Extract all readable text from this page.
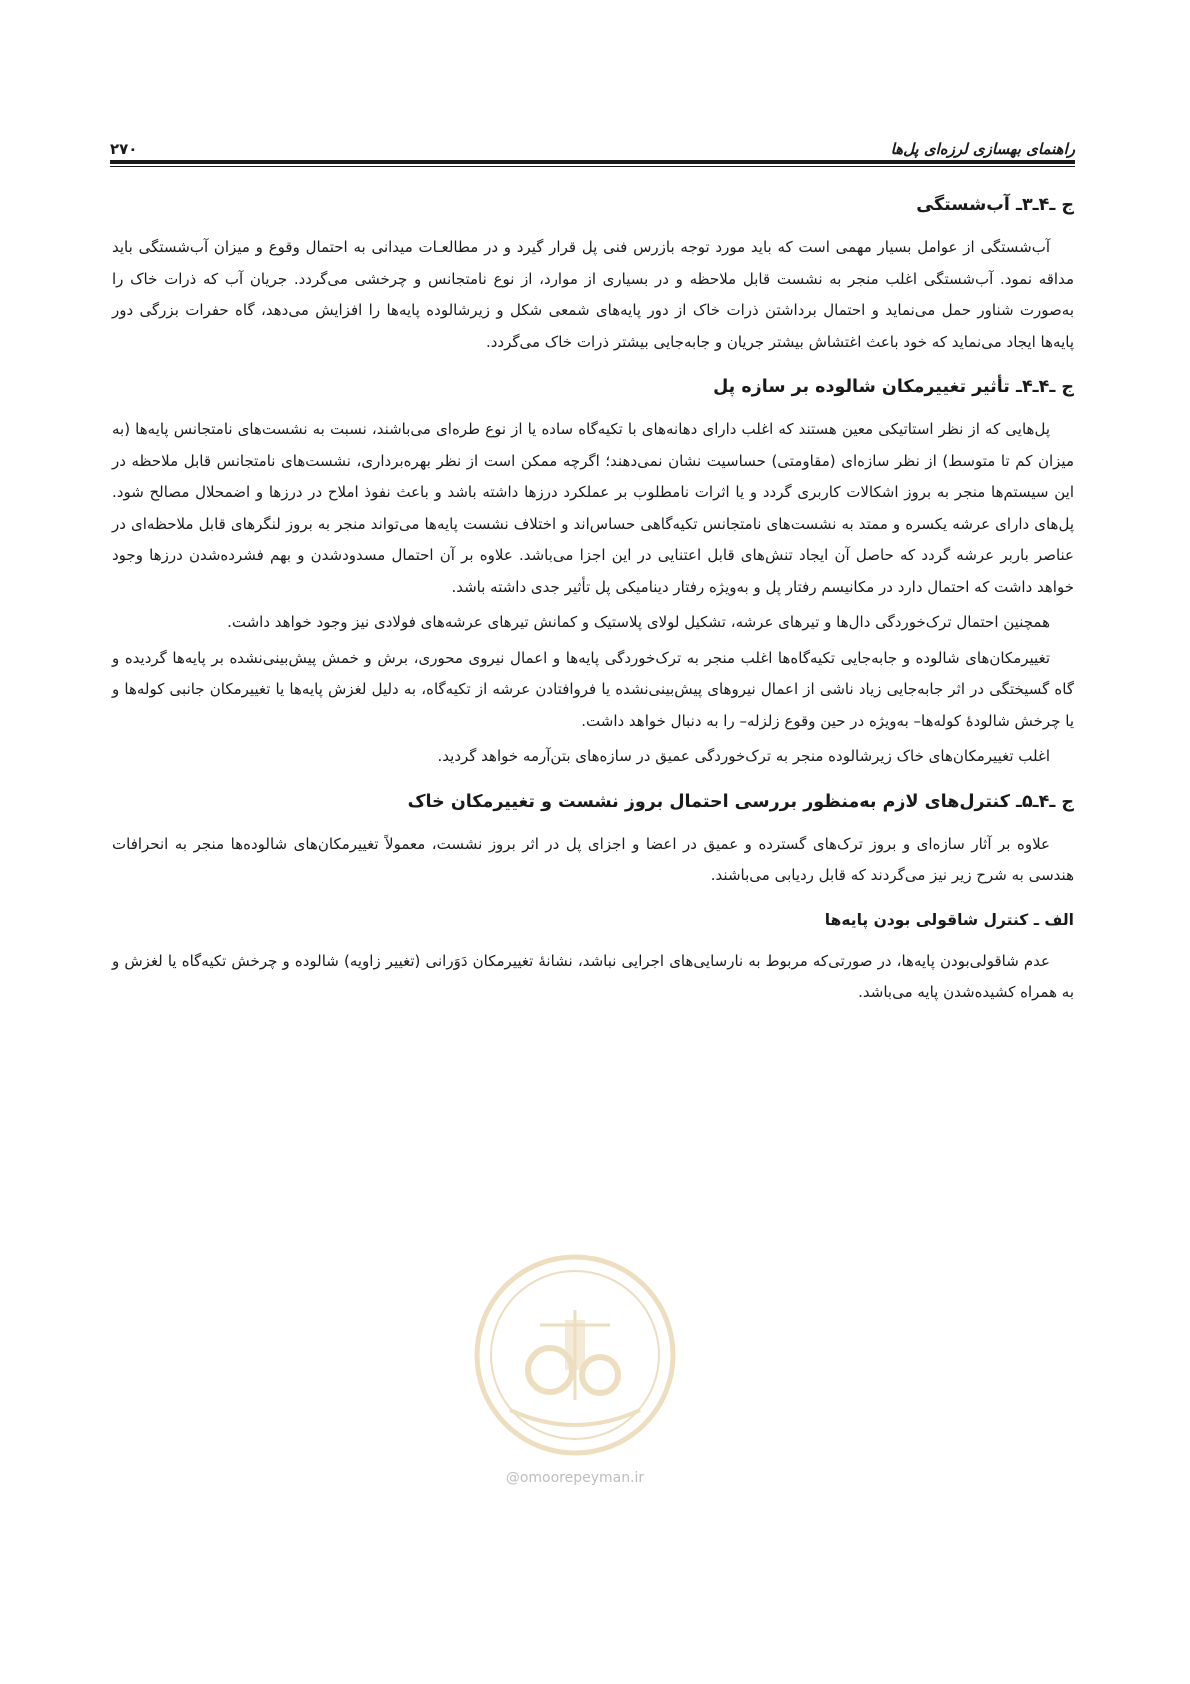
۲۷۰	راهنمای بهسازی لرزه‌ای پل‌ها
ج ـ۴ـ۳ـ آب‌شستگی

آب‌شستگی از عوامل بسیار مهمی است که باید مورد توجه بازرس فنی پل قرار گیرد و در مطالعـات میدانی به احتمال وقوع و میزان آب‌شستگی باید مداقه نمود. آب‌شستگی اغلب منجر به نشست قابل ملاحظه و در بسیاری از موارد، از نوع نامتجانس و چرخشی می‌گردد. جریان آب که ذرات خاک را به‌صورت شناور حمل می‌نماید و احتمال برداشتن ذرات خاک از دور پایه‌های شمعی شکل و زیرشالوده پایه‌ها را افزایش می‌دهد، گاه حفرات بزرگی دور پایه‌ها ایجاد می‌نماید که خود باعث اغتشاش بیشتر جریان و جابه‌جایی بیشتر ذرات خاک می‌گردد.

ج ـ۴ـ۴ـ تأثیر تغییرمکان شالوده بر سازه پل

پل‌هایی که از نظر استاتیکی معین هستند که اغلب دارای دهانه‌های با تکیه‌گاه ساده یا از نوع طره‌ای می‌باشند، نسبت به نشست‌های نامتجانس پایه‌ها (به میزان کم تا متوسط) از نظر سازه‌ای (مقاومتی) حساسیت نشان نمی‌دهند؛ اگرچه ممکن است از نظر بهره‌برداری، نشست‌های نامتجانس قابل ملاحظه در این سیستم‌ها منجر به بروز اشکالات کاربری گردد و یا اثرات نامطلوب بر عملکرد درزها داشته باشد و باعث نفوذ املاح در درزها و اضمحلال مصالح شود. پل‌های دارای عرشه یکسره و ممتد به نشست‌های نامتجانس تکیه‌گاهی حساس‌اند و اختلاف نشست پایه‌ها می‌تواند منجر به بروز لنگرهای قابل ملاحظه‌ای در عناصر باربر عرشه گردد که حاصل آن ایجاد تنش‌های قابل اعتنایی در این اجزا می‌باشد. علاوه بر آن احتمال مسدودشدن و بهم فشرده‌شدن درزها وجود خواهد داشت که احتمال دارد در مکانیسم رفتار پل و به‌ویژه رفتار دینامیکی پل تأثیر جدی داشته باشد.

همچنین احتمال ترک‌خوردگی دال‌ها و تیرهای عرشه، تشکیل لولای پلاستیک و کمانش تیرهای عرشه‌های فولادی نیز وجود خواهد داشت.

تغییرمکان‌های شالوده و جابه‌جایی تکیه‌گاه‌ها اغلب منجر به ترک‌خوردگی پایه‌ها و اعمال نیروی محوری، برش و خمش پیش‌بینی‌نشده بر پایه‌ها گردیده و گاه گسیختگی در اثر جابه‌جایی زیاد ناشی از اعمال نیروهای پیش‌بینی‌نشده یا فروافتادن عرشه از تکیه‌گاه، به دلیل لغزش پایه‌ها یا تغییرمکان جانبی کوله‌ها و یا چرخش شالودهٔ کوله‌ها– به‌ویژه در حین وقوع زلزله– را به دنبال خواهد داشت.

اغلب تغییرمکان‌های خاک زیرشالوده منجر به ترک‌خوردگی عمیق در سازه‌های بتن‌آرمه خواهد گردید.

ج ـ۴ـ۵ـ کنترل‌های لازم به‌منظور بررسی احتمال بروز نشست و تغییرمکان خاک

علاوه بر آثار سازه‌ای و بروز ترک‌های گسترده و عمیق در اعضا و اجزای پل در اثر بروز نشست، معمولاً تغییرمکان‌های شالوده‌ها منجر به انحرافات هندسی به شرح زیر نیز می‌گردند که قابل ردیابی می‌باشند.

الف ـ کنترل شاقولی بودن پایه‌ها

عدم شاقولی‌بودن پایه‌ها، در صورتی‌که مربوط به نارسایی‌های اجرایی نباشد، نشانهٔ تغییرمکان دَوَرانی (تغییر زاویه) شالوده و چرخش تکیه‌گاه یا لغزش و به همراه کشیده‌شدن پایه می‌باشد.

@omoorepeyman.ir
